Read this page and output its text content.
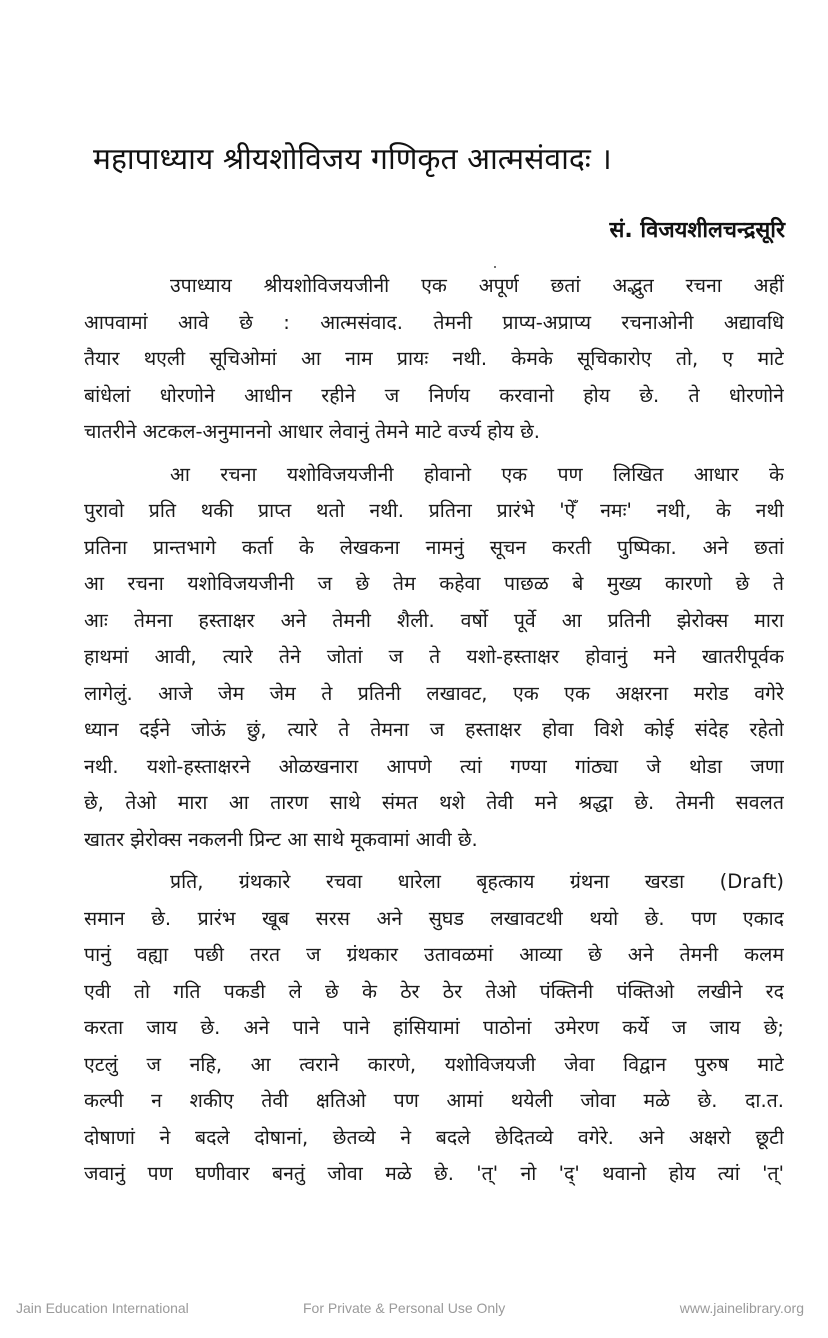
महापाध्याय श्रीयशोविजय गणिकृत आत्मसंवादः ।
सं. विजयशीलचन्द्रसूरि
उपाध्याय श्रीयशोविजयजीनी एक अपूर्ण छतां अद्भुत रचना अहीं
आपवामां आवे छे : आत्मसंवाद. तेमनी प्राप्य-अप्राप्य रचनाओनी अद्यावधि
तैयार थएली सूचिओमां आ नाम प्रायः नथी. केमके सूचिकारोए तो, ए माटे
बांधेलां धोरणोने आधीन रहीने ज निर्णय करवानो होय छे. ते धोरणोने
चातरीने अटकल-अनुमाननो आधार लेवानुं तेमने माटे वर्ज्य होय छे.
आ रचना यशोविजयजीनी होवानो एक पण लिखित आधार के
पुरावो प्रति थकी प्राप्त थतो नथी. प्रतिना प्रारंभे 'ऐँ नमः' नथी, के नथी
प्रतिना प्रान्तभागे कर्ता के लेखकना नामनुं सूचन करती पुष्पिका. अने छतां
आ रचना यशोविजयजीनी ज छे तेम कहेवा पाछळ बे मुख्य कारणो छे ते
आः तेमना हस्ताक्षर अने तेमनी शैली. वर्षो पूर्वे आ प्रतिनी झेरोक्स मारा
हाथमां आवी, त्यारे तेने जोतां ज ते यशो-हस्ताक्षर होवानुं मने खातरीपूर्वक
लागेलुं. आजे जेम जेम ते प्रतिनी लखावट, एक एक अक्षरना मरोड वगेरे
ध्यान दईने जोऊं छुं, त्यारे ते तेमना ज हस्ताक्षर होवा विशे कोई संदेह रहेतो
नथी. यशो-हस्ताक्षरने ओळखनारा आपणे त्यां गण्या गांठ्या जे थोडा जणा
छे, तेओ मारा आ तारण साथे संमत थशे तेवी मने श्रद्धा छे. तेमनी सवलत
खातर झेरोक्स नकलनी प्रिन्ट आ साथे मूकवामां आवी छे.
प्रति, ग्रंथकारे रचवा धारेला बृहत्काय ग्रंथना खरडा (Draft)
समान छे. प्रारंभ खूब सरस अने सुघड लखावटथी थयो छे. पण एकाद
पानुं वह्या पछी तरत ज ग्रंथकार उतावळमां आव्या छे अने तेमनी कलम
एवी तो गति पकडी ले छे के ठेर ठेर तेओ पंक्तिनी पंक्तिओ लखीने रद
करता जाय छे. अने पाने पाने हांसियामां पाठोनां उमेरण कर्ये ज जाय छे;
एटलुं ज नहि, आ त्वराने कारणे, यशोविजयजी जेवा विद्वान पुरुष माटे
कल्पी न शकीए तेवी क्षतिओ पण आमां थयेली जोवा मळे छे. दा.त.
दोषाणां ने बदले दोषानां, छेतव्ये ने बदले छेदितव्ये वगेरे. अने अक्षरो छूटी
जवानुं पण घणीवार बनतुं जोवा मळे छे. 'त्' नो 'द्' थवानो होय त्यां 'त्'
Jain Education International	For Private & Personal Use Only	www.jainelibrary.org
